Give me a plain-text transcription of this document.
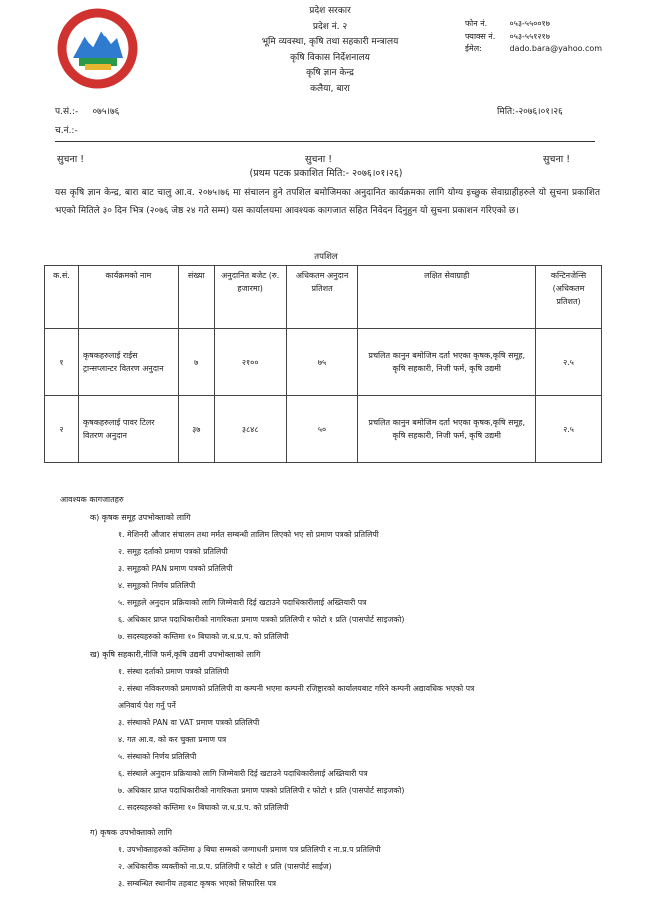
प्रदेश सरकार
प्रदेश नं. २
भूमि व्यवस्था, कृषि तथा सहकारी मन्त्रालय
कृषि विकास निर्देशनालय
कृषि ज्ञान केन्द्र
कलैया, बारा
फोन नं.	०५३-५५००१७
फ्याक्स नं. ०५३-५५१२१७
ईमेल:	dado.bara@yahoo.com
प.सं.:-     ०७५।७६
च.नं.:-
मिति:-२०७६।०१।२६
सुचना !	सुचना !	सुचना !
(प्रथम पटक प्रकाशित मिति:- २०७६।०१।२६)
यस कृषि ज्ञान केन्द्र, बारा बाट चालु आ.व. २०७५।७६ मा संचालन हुने तपशिल बमोजिमका अनुदानित कार्यक्रमका लागि योग्य इच्छुक सेवाग्राहीहरुले यो सुचना प्रकाशित भएको मितिले ३० दिन भित्र (२०७६ जेष्ठ २४ गते सम्म) यस कार्यालयमा आवश्यक कागजात सहित निवेदन दिनुहुन यो सुचना प्रकाशन गरिएको छ।
तपशिल
क.सं.	कार्यक्रमको नाम	संख्या	अनुदानित बजेट (रु. हजारमा)	अधिकतम अनुदान प्रतिशत	लक्षित सेवाग्राही	कन्टिनजेन्सि (अधिकतम प्रतिशत)
१	कृषकहरुलाई राईस ट्रान्सप्लान्टर वितरण अनुदान	७	२१००	७५	प्रचलित कानुन बमोजिम दर्ता भएका कृषक,कृषि समूह, कृषि सहकारी, निजी फर्म, कृषि उद्यमी	२.५
२	कृषकहरुलाई पावर टिलर वितरण अनुदान	३७	३८४८	५०	प्रचलित कानुन बमोजिम दर्ता भएका कृषक,कृषि समूह, कृषि सहकारी, निजी फर्म, कृषि उद्यमी	२.५
आवश्यक कागजातहरु
क) कृषक समूह उपभोक्ताको लागि
१. मेशिनरी औजार संचालन तथा मर्मत सम्बन्धी तालिम लिएको भए सो प्रमाण पत्रको प्रतिलिपी
२. समूह दर्ताको प्रमाण पत्रको प्रतिलिपी
३. समूहको PAN प्रमाण पत्रको प्रतिलिपी
४. समूहको निर्णय प्रतिलिपी
५. समूहले अनुदान प्रक्रियाको लागि जिम्मेवारी दिई खटाउने पदाधिकारीलाई अख्तियारी पत्र
६. अधिकार प्राप्त पदाधिकारीको नागरिकता प्रमाण पत्रको प्रतिलिपी र फोटो १ प्रति (पासपोर्ट साइजको)
७. सदस्यहरुको कम्तिमा १० बिघाको ज.ध.प्र.प. को प्रतिलिपी
ख) कृषि सहकारी,नीजि फर्म,कृषि उद्यमी उपभोक्ताको लागि
१. संस्था दर्ताको प्रमाण पत्रको प्रतिलिपी
२. संस्था नविकरणको प्रमाणको प्रतिलिपी वा कम्पनी भएमा कम्पनी रजिष्ट्रारको कार्यालयबाट गरिने कम्पनी अद्यावधिक भएको पत्र
अनिवार्य पेश गर्नु पर्ने
३. संस्थाको PAN वा VAT प्रमाण पत्रको प्रतिलिपी
४. गत आ.व. को कर चुक्ता प्रमाण पत्र
५. संस्थाको निर्णय प्रतिलिपी
६. संस्थाले अनुदान प्रक्रियाको लागि जिम्मेवारी दिई खटाउने पदाधिकारीलाई अख्तियारी पत्र
७. अधिकार प्राप्त पदाधिकारीको नागरिकता प्रमाण पत्रको प्रतिलिपी र फोटो १ प्रति (पासपोर्ट साइजको)
८. सदस्यहरुको कम्तिमा १० बिघाको ज.ध.प्र.प. को प्रतिलिपी
ग) कृषक उपभोक्ताको लागि
१. उपभोक्ताहरुको कम्तिमा ३ बिघा सम्मको जग्गाधनी प्रमाण पत्र प्रतिलिपी र ना.प्र.प प्रतिलिपी
२. अधिकारीक व्यक्तीको ना.प्र.प. प्रतिलिपी र फोटो १ प्रति (पासपोर्ट साईज)
३. सम्बन्धित स्थानीय तहबाट कृषक भएको सिफारिस पत्र
